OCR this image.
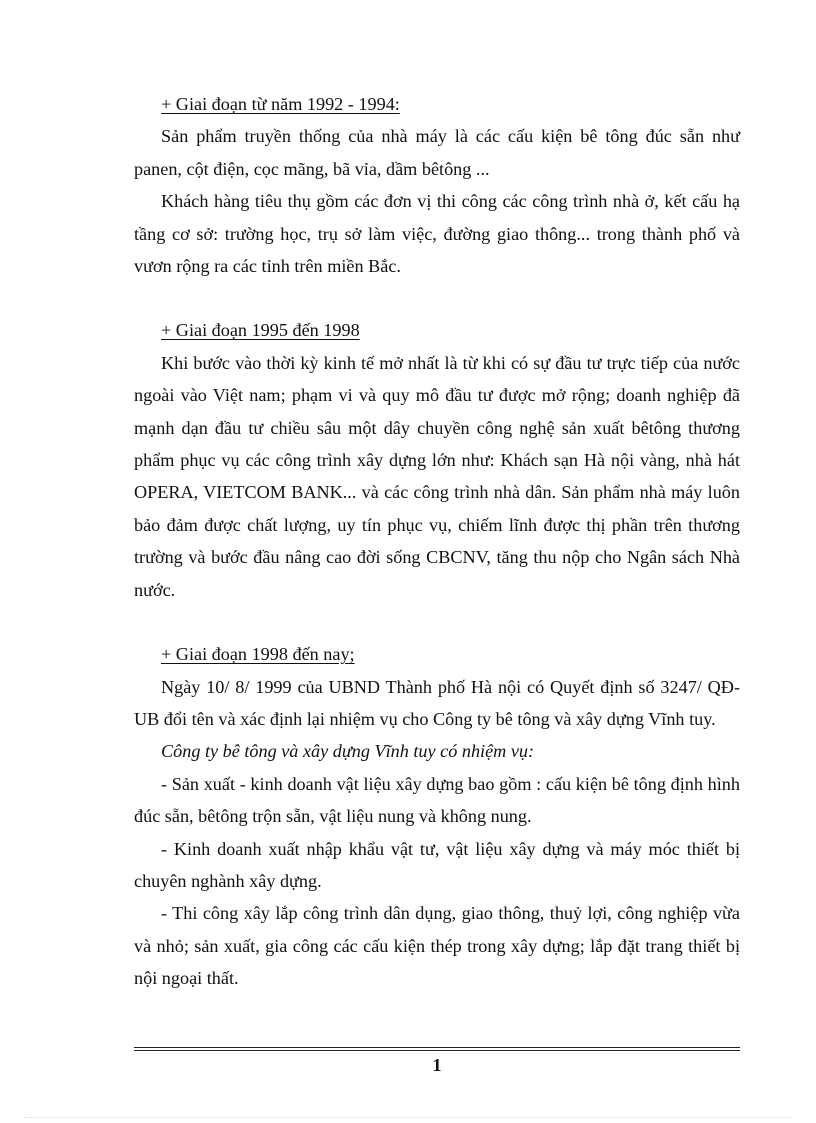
+ Giai đoạn từ năm 1992 - 1994:

Sản phẩm truyền thống của nhà máy là các cấu kiện bê tông đúc sẵn như panen, cột điện, cọc mãng, bã vỉa, dầm bêtông ...

Khách hàng tiêu thụ gồm các đơn vị thi công các công trình nhà ở, kết cấu hạ tầng cơ sở: trường học, trụ sở làm việc, đường giao thông... trong thành phố và vươn rộng ra các tỉnh trên miền Bắc.

+ Giai đoạn 1995 đến 1998

Khi bước vào thời kỳ kinh tế mở nhất là từ khi có sự đầu tư trực tiếp của nước ngoài vào Việt nam; phạm vi và quy mô đầu tư được mở rộng; doanh nghiệp đã mạnh dạn đầu tư chiều sâu một dây chuyền công nghệ sản xuất bêtông thương phẩm phục vụ các công trình xây dựng lớn như: Khách sạn Hà nội vàng, nhà hát OPERA, VIETCOM BANK... và các công trình nhà dân. Sản phẩm nhà máy luôn bảo đảm được chất lượng, uy tín phục vụ, chiếm lĩnh được thị phần trên thương trường và bước đầu nâng cao đời sống CBCNV, tăng thu nộp cho Ngân sách Nhà nước.

+ Giai đoạn 1998 đến nay;

Ngày 10/ 8/ 1999 của UBND Thành phố Hà nội có Quyết định số 3247/ QĐ-UB đổi tên và xác định lại nhiệm vụ cho Công ty bê tông và xây dựng Vĩnh tuy.

Công ty bê tông và xây dựng Vĩnh tuy có nhiệm vụ:

- Sản xuất - kinh doanh vật liệu xây dựng bao gồm : cấu kiện bê tông định hình đúc sẵn, bêtông trộn sẵn, vật liệu nung và không nung.

- Kinh doanh xuất nhập khẩu vật tư, vật liệu xây dựng và máy móc thiết bị chuyên nghành xây dựng.

- Thi công xây lắp công trình dân dụng, giao thông, thuỷ lợi, công nghiệp vừa và nhỏ; sản xuất, gia công các cấu kiện thép trong xây dựng; lắp đặt trang thiết bị nội ngoại thất.

1
